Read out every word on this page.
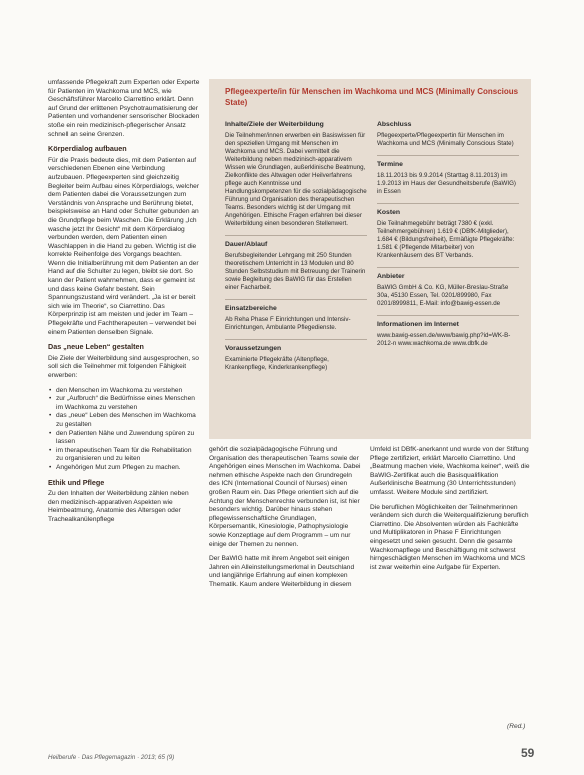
umfassende Pflegekraft zum Experten oder Experte für Patienten im Wachkoma und MCS, wie Geschäftsführer Marcello Ciarrettino erklärt. Denn auf Grund der erlittenen Psychotraumatisierung der Patienten und vorhandener sensorischer Blockaden stoße ein rein medizinisch-pflegerischer Ansatz schnell an seine Grenzen.

Körperdialog aufbauen

Für die Praxis bedeute dies, mit dem Patienten auf verschiedenen Ebenen eine Verbindung aufzubauen. Pflegeexperten sind gleichzeitig Begleiter beim Aufbau eines Körperdialogs, welcher dem Patienten dabei die Voraussetzungen zum Verständnis von Ansprache und Berührung bietet, beispielsweise an Hand oder Schulter gebunden an die Grundpflege beim Waschen. Die Erklärung „Ich wasche jetzt Ihr Gesicht“ mit dem Körperdialog verbunden werden, dem Patienten einen Waschlappen in die Hand zu geben. Wichtig ist die korrekte Reihenfolge des Vorgangs beachten. Wenn die Initialberührung mit dem Patienten an der Hand auf die Schulter zu legen, bleibt sie dort. So kann der Patient wahrnehmen, dass er gemeint ist und dass keine Gefahr besteht. Sein Spannungszustand wird verändert. „Ja ist er bereit sich wie im Theorie“, so Ciarrettino. Das Körperprinzip ist am meisten und jeder im Team – Pflegekräfte und Fachtherapeuten – verwendet bei einem Patienten denselben Signale.

Das „neue Leben“ gestalten

Die Ziele der Weiterbildung sind ausgesprochen, so soll sich die Teilnehmer mit folgenden Fähigkeit erwerben:

• den Menschen im Wachkoma zu verstehen
• zur „Aufbruch“ die Bedürfnisse eines Menschen im Wachkoma zu verstehen
• das „neue“ Leben des Menschen im Wachkoma zu gestalten
• den Patienten Nähe und Zuwendung spüren zu lassen
• im therapeutischen Team für die Rehabilitation zu organisieren und zu leiten
• Angehörigen Mut zum Pflegen zu machen.
Ethik und Pflege

Zu den Inhalten der Weiterbildung zählen neben den medizinisch-apparativen Aspekten wie Heimbeatmung, Anatomie des Altersgen oder Trachealkanülenpflege

Pflegeexperte/in für Menschen im Wachkoma und MCS (Minimally Conscious State)
Inhalte/Ziele der Weiterbildung

Die Teilnehmer/innen erwerben ein Basiswissen für den speziellen Umgang mit Menschen im Wachkoma und MCS. Dabei vermittelt die Weiterbildung neben medizinisch-apparativem Wissen wie Grundlagen, außerklinische Beatmung, Zielkonflikte des Altwagen oder Heilverfahrens pflege auch Kenntnisse und Handlungskompetenzen für die sozialpädagogische Führung und Organisation des therapeutischen Teams. Besonders wichtig ist der Umgang mit Angehörigen. Ethische Fragen erfahren bei dieser Weiterbildung einen besonderen Stellenwert.

Dauer/Ablauf

Berufsbegleitender Lehrgang mit 250 Stunden theoretischem Unterricht in 13 Modulen und 80 Stunden Selbststudium mit Betreuung der Trainerin sowie Begleitung des BaWIG für das Erstellen einer Facharbeit.

Einsatzbereiche

Ab Reha Phase F Einrichtungen und Intensiv-Einrichtungen, Ambulante Pflegedienste.

Voraussetzungen

Examinierte Pflegekräfte (Altenpflege, Krankenpflege, Kinderkrankenpflege)

Abschluss

Pflegeexperte/Pflegeexpertin für Menschen im Wachkoma und MCS (Minimally Conscious State)

Termine

18.11.2013 bis 9.9.2014 (Starttag 8.11.2013) im 1.9.2013 im Haus der Gesundheitsberufe (BaWIG) in Essen

Kosten

Die Teilnahmegebühr beträgt 7380 € (exkl. Teilnehmergebühren) 1.619 € (DBfK-Mitglieder), 1.684 € (Bildungsfreiheit), Ermäßigte Pflegekräfte: 1.581 € (Pflegende Mitarbeiter) von Krankenhäusern des BT Verbands.

Anbieter

BaWIG GmbH & Co. KG, Müller-Breslau-Straße 30a, 45130 Essen, Tel. 0201/899980, Fax 0201/8999811, E-Mail: info@bawig-essen.de

Informationen im Internet

www.bawig-essen.de/www/bawig.php?id=WK-B-2012-n www.wachkoma.de www.dbfk.de

gehört die sozialpädagogische Führung und Organisation des therapeutischen Teams sowie der Angehörigen eines Menschen im Wachkoma. Dabei nehmen ethische Aspekte nach den Grundregeln des ICN (International Council of Nurses) einen großen Raum ein. Das Pflege orientiert sich auf die Achtung der Menschenrechte verbunden ist, ist hier besonders wichtig. Darüber hinaus stehen pflegewissenschaftliche Grundlagen, Körpersemantik, Kinesiologie, Pathophysiologie sowie Konzeptlage auf dem Programm – um nur einige der Themen zu nennen.

Der BaWIG hatte mit ihrem Angebot seit einigen Jahren ein Alleinstellungsmerkmal in Deutschland und langjährige Erfahrung auf einen komplexen Thematik. Kaum andere Weiterbildung in diesem

Umfeld ist DBfK-anerkannt und wurde von der Stiftung Pflege zertifiziert, erklärt Marcello Ciarrettino. Und „Beatmung machen viele, Wachkoma keiner“, weiß die BaWIG-Zertifikat auch die Basisqualifikation Außerklinische Beatmung (30 Unterrichtsstunden) umfasst. Weitere Module sind zertifiziert.

Die beruflichen Möglichkeiten der Teilnehmerinnen verändern sich durch die Weiterqualifizierung beruflich Ciarrettino. Die Absolventen würden als Fachkräfte und Multiplikatoren in Phase F Einrichtungen eingesetzt und seien gesucht. Denn die gesamte Wachkomapflege und Beschäftigung mit schwerst hirngeschädigten Menschen im Wachkoma und MCS ist zwar weiterhin eine Aufgabe für Experten.

(Red.)
Heilberufe · Das Pflegemagazin · 2013; 65 (9)	59
